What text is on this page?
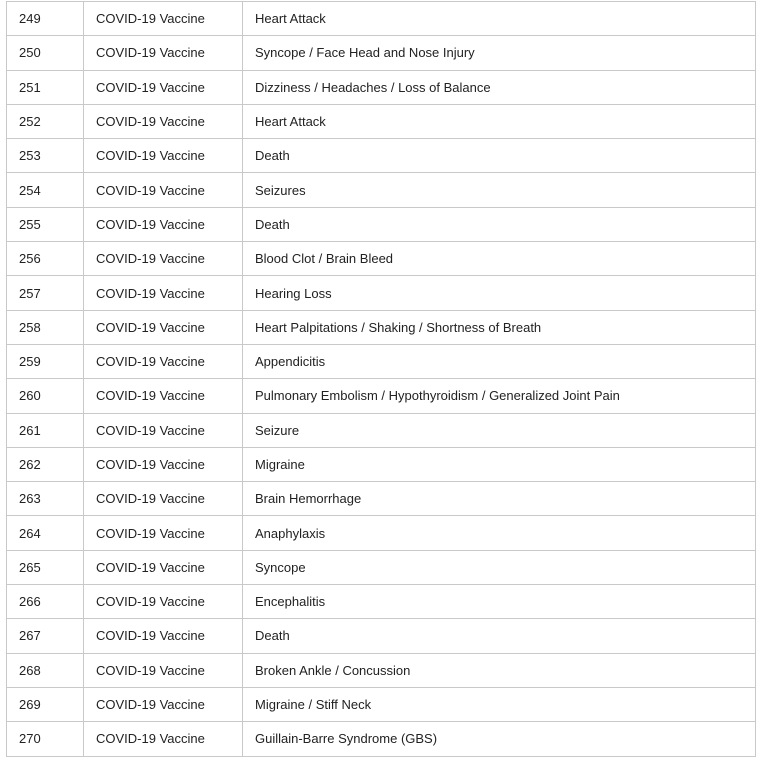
249	COVID-19 Vaccine	Heart Attack
250	COVID-19 Vaccine	Syncope / Face Head and Nose Injury
251	COVID-19 Vaccine	Dizziness / Headaches / Loss of Balance
252	COVID-19 Vaccine	Heart Attack
253	COVID-19 Vaccine	Death
254	COVID-19 Vaccine	Seizures
255	COVID-19 Vaccine	Death
256	COVID-19 Vaccine	Blood Clot / Brain Bleed
257	COVID-19 Vaccine	Hearing Loss
258	COVID-19 Vaccine	Heart Palpitations / Shaking / Shortness of Breath
259	COVID-19 Vaccine	Appendicitis
260	COVID-19 Vaccine	Pulmonary Embolism / Hypothyroidism / Generalized Joint Pain
261	COVID-19 Vaccine	Seizure
262	COVID-19 Vaccine	Migraine
263	COVID-19 Vaccine	Brain Hemorrhage
264	COVID-19 Vaccine	Anaphylaxis
265	COVID-19 Vaccine	Syncope
266	COVID-19 Vaccine	Encephalitis
267	COVID-19 Vaccine	Death
268	COVID-19 Vaccine	Broken Ankle / Concussion
269	COVID-19 Vaccine	Migraine / Stiff Neck
270	COVID-19 Vaccine	Guillain-Barre Syndrome (GBS)
